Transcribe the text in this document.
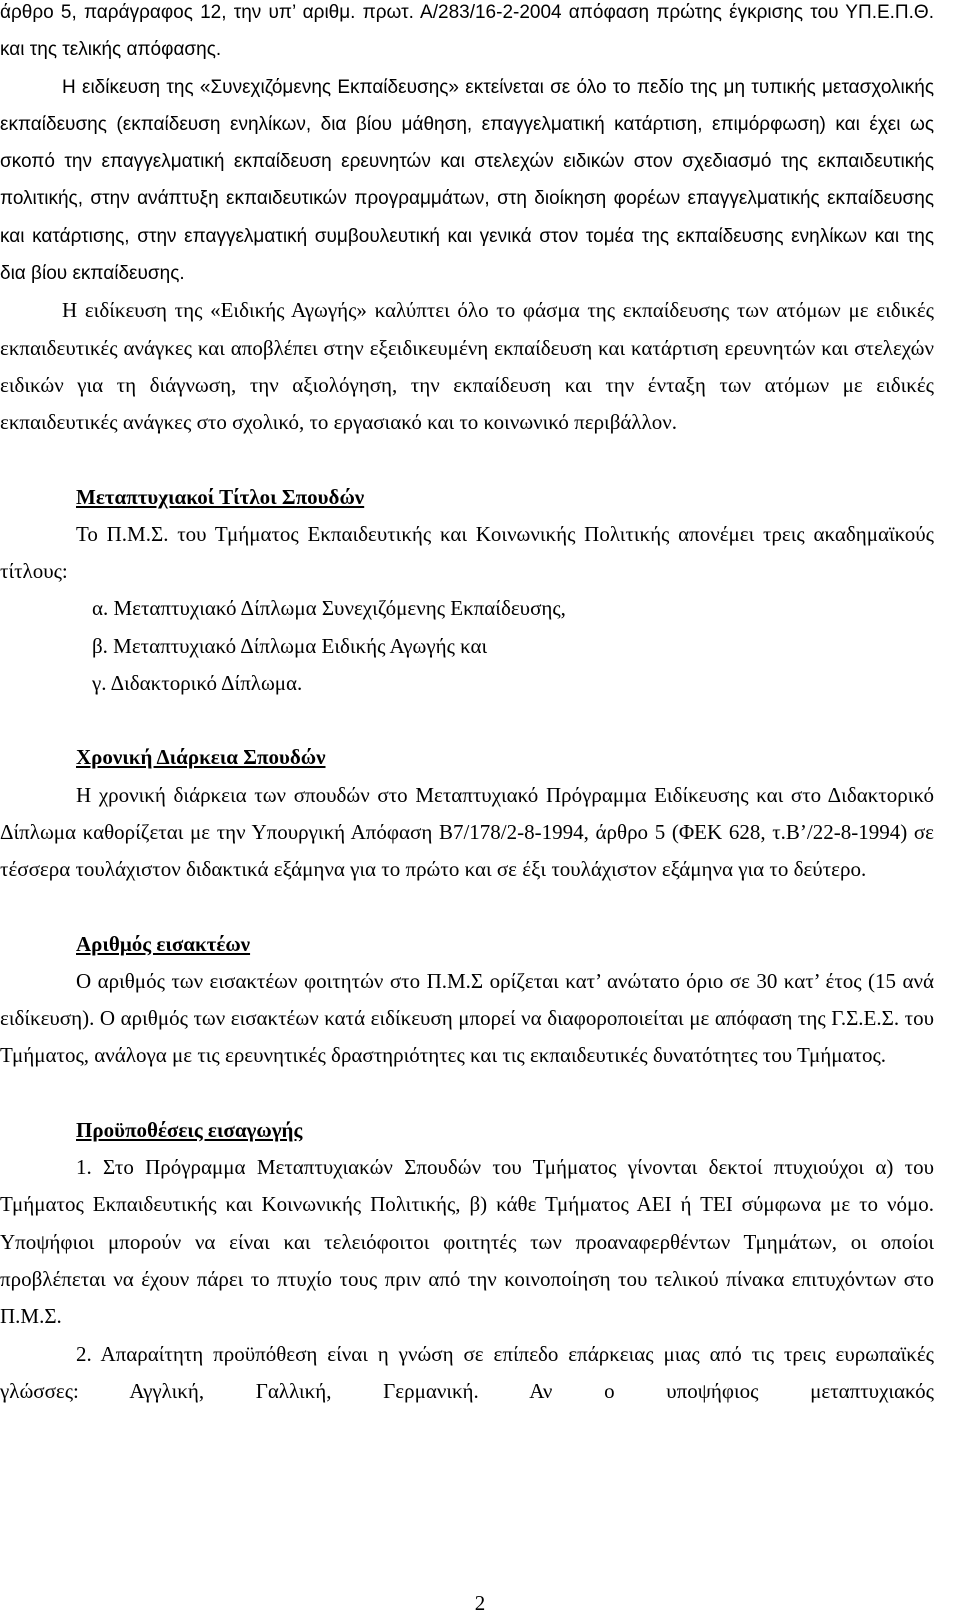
άρθρο 5, παράγραφος 12, την υπ’ αριθμ. πρωτ. Α/283/16-2-2004 απόφαση πρώτης έγκρισης του ΥΠ.Ε.Π.Θ. και της τελικής απόφασης.

Η ειδίκευση της «Συνεχιζόμενης Εκπαίδευσης» εκτείνεται σε όλο το πεδίο της μη τυπικής μετασχολικής εκπαίδευσης (εκπαίδευση ενηλίκων, δια βίου μάθηση, επαγγελματική κατάρτιση, επιμόρφωση) και έχει ως σκοπό την επαγγελματική εκπαίδευση ερευνητών και στελεχών ειδικών στον σχεδιασμό της εκπαιδευτικής πολιτικής, στην ανάπτυξη εκπαιδευτικών προγραμμάτων, στη διοίκηση φορέων επαγγελματικής εκπαίδευσης και κατάρτισης, στην επαγγελματική συμβουλευτική και γενικά στον τομέα της εκπαίδευσης ενηλίκων και της δια βίου εκπαίδευσης.

Η ειδίκευση της «Ειδικής Αγωγής» καλύπτει όλο το φάσμα της εκπαίδευσης των ατόμων με ειδικές εκπαιδευτικές ανάγκες και αποβλέπει στην εξειδικευμένη εκπαίδευση και κατάρτιση ερευνητών και στελεχών ειδικών για τη διάγνωση, την αξιολόγηση, την εκπαίδευση και την ένταξη των ατόμων με ειδικές εκπαιδευτικές ανάγκες στο σχολικό, το εργασιακό και το κοινωνικό περιβάλλον.

Μεταπτυχιακοί Τίτλοι Σπουδών

Το Π.Μ.Σ. του Τμήματος Εκπαιδευτικής και Κοινωνικής Πολιτικής απονέμει τρεις ακαδημαϊκούς τίτλους:

α. Μεταπτυχιακό Δίπλωμα Συνεχιζόμενης Εκπαίδευσης,
β. Μεταπτυχιακό Δίπλωμα Ειδικής Αγωγής και
γ. Διδακτορικό Δίπλωμα.
Χρονική Διάρκεια Σπουδών

Η χρονική διάρκεια των σπουδών στο Μεταπτυχιακό Πρόγραμμα Ειδίκευσης και στο Διδακτορικό Δίπλωμα καθορίζεται με την Υπουργική Απόφαση Β7/178/2-8-1994, άρθρο 5 (ΦΕΚ 628, τ.Β’/22-8-1994) σε τέσσερα τουλάχιστον διδακτικά εξάμηνα για το πρώτο και σε έξι τουλάχιστον εξάμηνα για το δεύτερο.

Αριθμός εισακτέων

Ο αριθμός των εισακτέων φοιτητών στο Π.Μ.Σ ορίζεται κατ’ ανώτατο όριο σε 30 κατ’ έτος (15 ανά ειδίκευση). Ο αριθμός των εισακτέων κατά ειδίκευση μπορεί να διαφοροποιείται με απόφαση της Γ.Σ.Ε.Σ. του Τμήματος, ανάλογα με τις ερευνητικές δραστηριότητες και τις εκπαιδευτικές δυνατότητες του Τμήματος.

Προϋποθέσεις εισαγωγής

1. Στο Πρόγραμμα Μεταπτυχιακών Σπουδών του Τμήματος γίνονται δεκτοί πτυχιούχοι α) του Τμήματος Εκπαιδευτικής και Κοινωνικής Πολιτικής, β) κάθε Τμήματος ΑΕΙ ή ΤΕΙ σύμφωνα με το νόμο. Υποψήφιοι μπορούν να είναι και τελειόφοιτοι φοιτητές των προαναφερθέντων Τμημάτων, οι οποίοι προβλέπεται να έχουν πάρει το πτυχίο τους πριν από την κοινοποίηση του τελικού πίνακα επιτυχόντων στο Π.Μ.Σ.

2. Απαραίτητη προϋπόθεση είναι η γνώση σε επίπεδο επάρκειας μιας από τις τρεις ευρωπαϊκές γλώσσες: Αγγλική, Γαλλική, Γερμανική. Αν ο υποψήφιος μεταπτυχιακός

2
